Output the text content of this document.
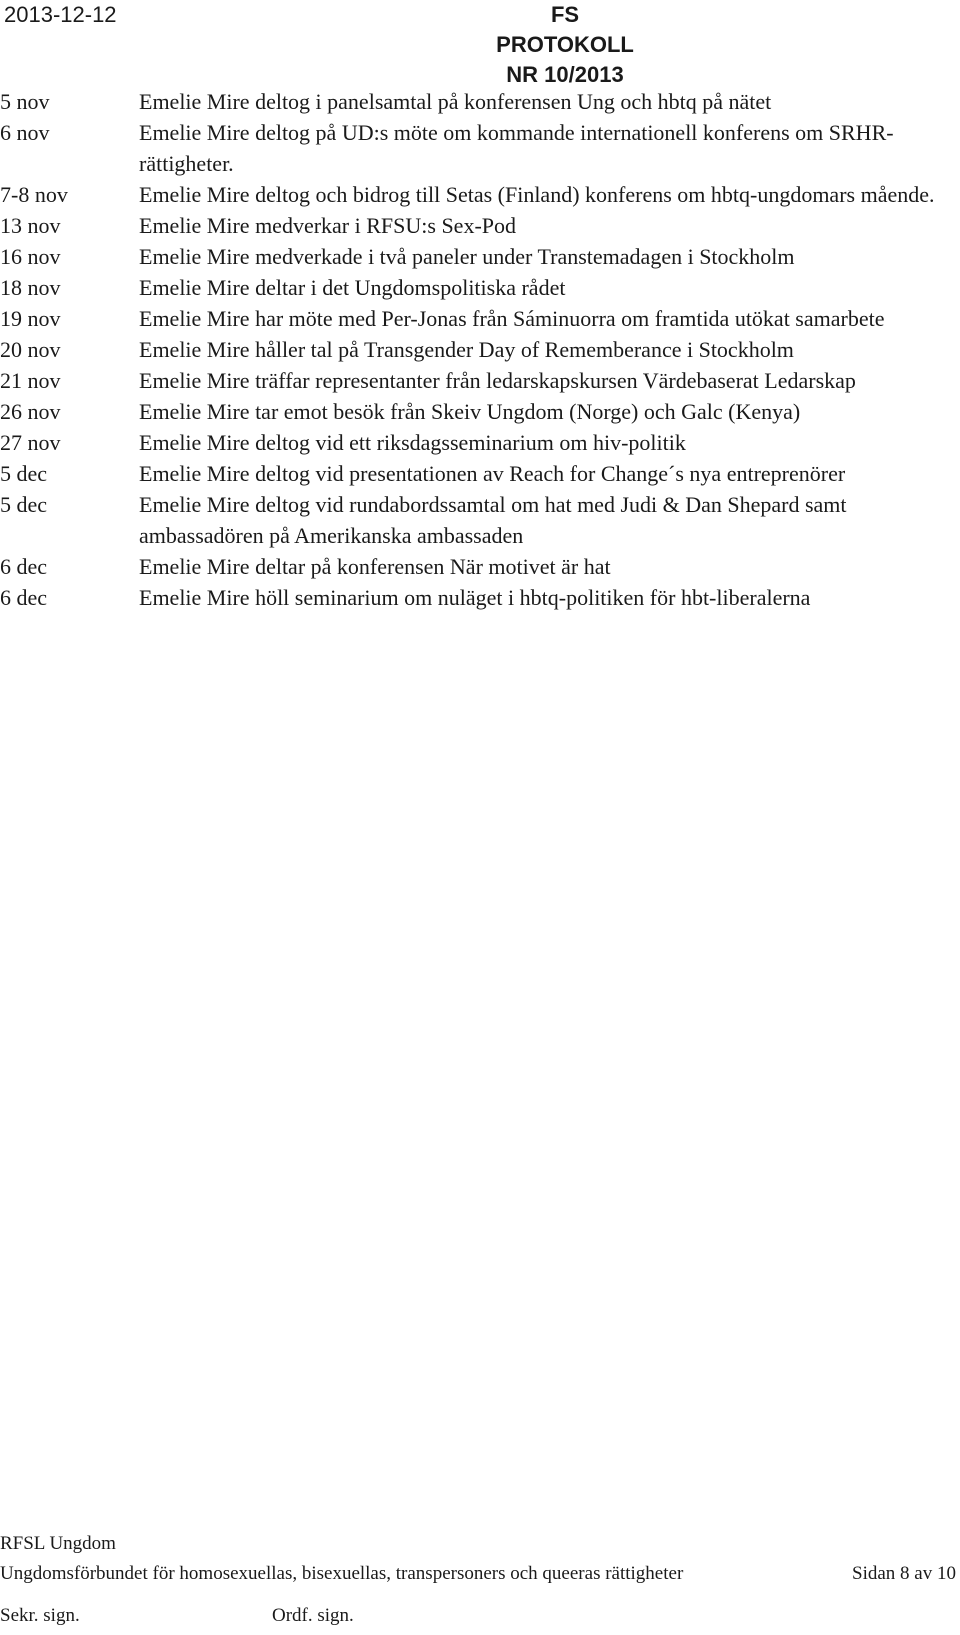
2013-12-12	FS PROTOKOLL
NR 10/2013
5 nov	Emelie Mire deltog i panelsamtal på konferensen Ung och hbtq på nätet
6 nov	Emelie Mire deltog på UD:s möte om kommande internationell konferens om SRHR-rättigheter.
7-8 nov	Emelie Mire deltog och bidrog till Setas (Finland) konferens om hbtq-ungdomars mående.
13 nov	Emelie Mire medverkar i RFSU:s Sex-Pod
16 nov	Emelie Mire medverkade i två paneler under Transtemadagen i Stockholm
18 nov	Emelie Mire deltar i det Ungdomspolitiska rådet
19 nov	Emelie Mire har möte med Per-Jonas från Sáminuorra om framtida utökat samarbete
20 nov	Emelie Mire håller tal på Transgender Day of Rememberance i Stockholm
21 nov	Emelie Mire träffar representanter från ledarskapskursen Värdebaserat Ledarskap
26 nov	Emelie Mire tar emot besök från Skeiv Ungdom (Norge) och Galc (Kenya)
27 nov	Emelie Mire deltog vid ett riksdagsseminarium om hiv-politik
5 dec	Emelie Mire deltog vid presentationen av Reach for Change´s nya entreprenörer
5 dec	Emelie Mire deltog vid rundabordssamtal om hat med Judi & Dan Shepard samt ambassadören på Amerikanska ambassaden
6 dec	Emelie Mire deltar på konferensen När motivet är hat
6 dec	Emelie Mire höll seminarium om nuläget i hbtq-politiken för hbt-liberalerna
RFSL Ungdom
Ungdomsförbundet för homosexuellas, bisexuellas, transpersoners och queeras rättigheter	Sidan 8 av 10
Sekr. sign.	Ordf. sign.
